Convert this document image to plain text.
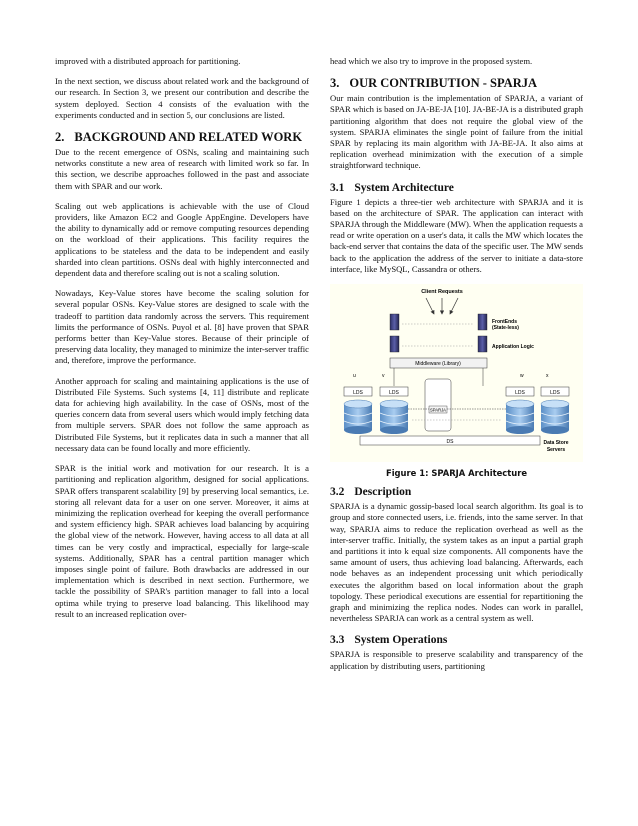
improved with a distributed approach for partitioning.

In the next section, we discuss about related work and the background of our research. In Section 3, we present our contribution and describe the system deployed. Section 4 consists of the evaluation with the experiments conducted and in section 5, our conclusions are listed.

2. BACKGROUND AND RELATED WORK

Due to the recent emergence of OSNs, scaling and maintaining such networks constitute a new area of research with limited work so far. In this section, we describe approaches followed in the past and associate them with SPAR and our work.

Scaling out web applications is achievable with the use of Cloud providers, like Amazon EC2 and Google AppEngine. Developers have the ability to dynamically add or remove computing resources depending on the workload of their applications. This facility requires the applications to be stateless and the data to be independent and easily sharded into clean partitions. OSNs deal with highly interconnected and dependent data and therefore scaling out is not a scaling solution.

Nowadays, Key-Value stores have become the scaling solution for several popular OSNs. Key-Value stores are designed to scale with the tradeoff to partition data randomly across the servers. This requirement limits the performance of OSNs. Puyol et al. [8] have proven that SPAR performs better than Key-Value stores. Because of their principle of preserving data locality, they managed to minimize the inter-server traffic and, therefore, improve the performance.

Another approach for scaling and maintaining applications is the use of Distributed File Systems. Such systems [4, 11] distribute and replicate data for achieving high availability. In the case of OSNs, most of the queries concern data from several users which would imply fetching data from multiple servers. SPAR does not follow the same approach as Distributed File Systems, but it replicates data in such a manner that all necessary data can be found locally and more efficiently.

SPAR is the initial work and motivation for our research. It is a partitioning and replication algorithm, designed for social applications. SPAR offers transparent scalability [9] by preserving local semantics, i.e. storing all relevant data for a user on one server. Moreover, it aims at minimizing the replication overhead for keeping the overall performance and system efficiency high. SPAR achieves load balancing by acquiring the global view of the network. However, having access to all data at all times can be very costly and impractical, especially for large-scale systems. Additionally, SPAR has a central partition manager which imposes single point of failure. Both drawbacks are addressed in our implementation which is described in next section. Furthermore, we tackle the possibility of SPAR's partition manager to fall into a local optima while trying to preserve load balancing. This likelihood may result to an increased replication over-

head which we also try to improve in the proposed system.

3. OUR CONTRIBUTION - SPARJA

Our main contribution is the implementation of SPARJA, a variant of SPAR which is based on JA-BE-JA [10]. JA-BE-JA is a distributed graph partitioning algorithm that does not require the global view of the system. SPARJA eliminates the single point of failure from the initial SPAR by replacing its main algorithm with JA-BE-JA. It also aims at replication overhead minimization with the execution of a simple straightforward technique.

3.1 System Architecture

Figure 1 depicts a three-tier web architecture with SPARJA and it is based on the architecture of SPAR. The application can interact with SPARJA through the Middleware (MW). When the application requests a read or write operation on a user's data, it calls the MW which locates the back-end server that contains the data of the specific user. The MW sends back to the application the address of the server to initiate a data-store interface, like MySQL, Cassandra or others.

Client Requests
FrontEnds
(State-less)
Application Logic
Middleware (Library)
u	v	w	x
LDS	LDS	LDS	LDS
SPARJA
DS	Data Store
Servers
Figure 1: SPARJA Architecture
3.2 Description

SPARJA is a dynamic gossip-based local search algorithm. Its goal is to group and store connected users, i.e. friends, into the same server. In that way, SPARJA aims to reduce the replication overhead as well as the inter-server traffic. Initially, the system takes as an input a partial graph and partitions it into k equal size components. All components have the same amount of users, thus achieving load balancing. Afterwards, each node behaves as an independent processing unit which periodically executes the algorithm based on local information about the graph topology. These periodical executions are essential for repartitioning the graph and minimizing the replica nodes. Nodes can work in parallel, nevertheless SPARJA can work as a central system as well.

3.3 System Operations

SPARJA is responsible to preserve scalability and transparency of the application by distributing users, partitioning
